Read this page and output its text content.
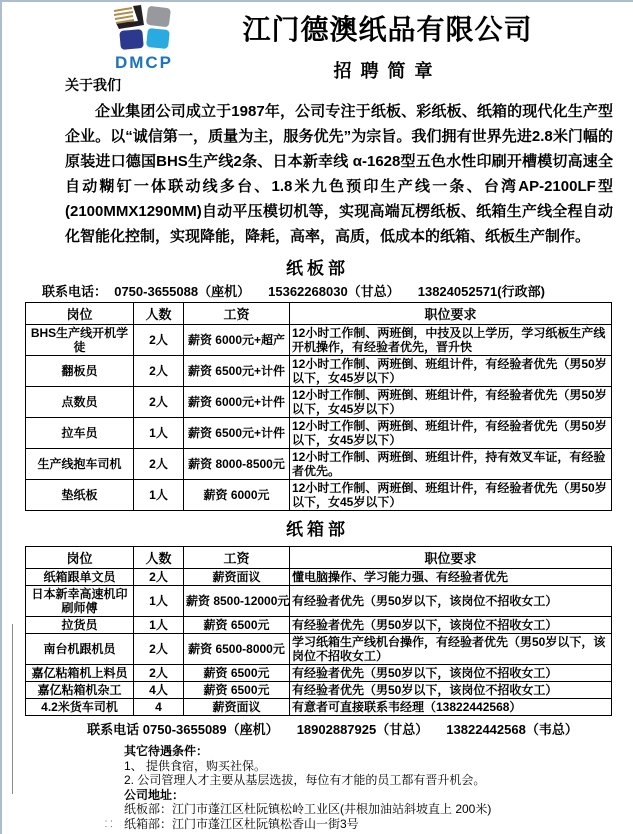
DMCP
江门德澳纸品有限公司
招聘简章
关于我们
企业集团公司成立于1987年，公司专注于纸板、彩纸板、纸箱的现代化生产型企业。以“诚信第一，质量为主，服务优先”为宗旨。我们拥有世界先进2.8米门幅的原装进口德国BHS生产线2条、日本新幸线 α-1628型五色水性印刷开槽模切高速全自动糊钉一体联动线多台、1.8米九色预印生产线一条、台湾AP-2100LF型(2100MMX1290MM)自动平压模切机等，实现高端瓦楞纸板、纸箱生产线全程自动化智能化控制，实现降能，降耗，高率，高质，低成本的纸箱、纸板生产制作。
纸板部
联系电话：  0750-3655088（座机）     15362268030（甘总）     13824052571(行政部)
岗位	人数	工资	职位要求
BHS生产线开机学徒	2人	薪资 6000元+超产	12小时工作制、两班倒，中技及以上学历，学习纸板生产线开机操作，有经验者优先，晋升快
翻板员	2人	薪资 6500元+计件	12小时工作制、两班倒、班组计件，有经验者优先（男50岁以下，女45岁以下）
点数员	2人	薪资 6000元+计件	12小时工作制、两班倒、班组计件，有经验者优先（男50岁以下，女45岁以下）
拉车员	1人	薪资 6500元+计件	12小时工作制、两班倒、班组计件，有经验者优先（男50岁以下，女45岁以下）
生产线抱车司机	2人	薪资 8000-8500元	12小时工作制、两班倒、班组计件，持有效叉车证，有经验者优先。
垫纸板	1人	薪资 6000元	12小时工作制、两班倒、班组计件，有经验者优先（男50岁以下，女45岁以下）
纸箱部
岗位	人数	工资	职位要求
纸箱跟单文员	2人	薪资面议	懂电脑操作、学习能力强、有经验者优先
日本新幸高速机印刷师傅	1人	薪资 8500-12000元	有经验者优先（男50岁以下，该岗位不招收女工）
拉货员	1人	薪资 6500元	有经验者优先（男50岁以下，该岗位不招收女工）
南台机跟机员	2人	薪资 6500-8000元	学习纸箱生产线机台操作，有经验者优先（男50岁以下，该岗位不招收女工）
嘉亿粘箱机上料员	2人	薪资 6500元	有经验者优先（男50岁以下，该岗位不招收女工）
嘉亿粘箱机杂工	4人	薪资 6500元	有经验者优先（男50岁以下，该岗位不招收女工）
4.2米货车司机	4	薪资面议	有意者可直接联系韦经理（13822442568）
联系电话 0750-3655089（座机）     18902887925（甘总）     13822442568（韦总）
其它待遇条件：
1、 提供食宿，购买社保。
2. 公司管理人才主要从基层选拔，每位有才能的员工都有晋升机会。
公司地址：
纸板部：江门市蓬江区杜阮镇松岭工业区(井根加油站斜坡直上 200米)
纸箱部：江门市蓬江区杜阮镇松香山一街3号
⸬
